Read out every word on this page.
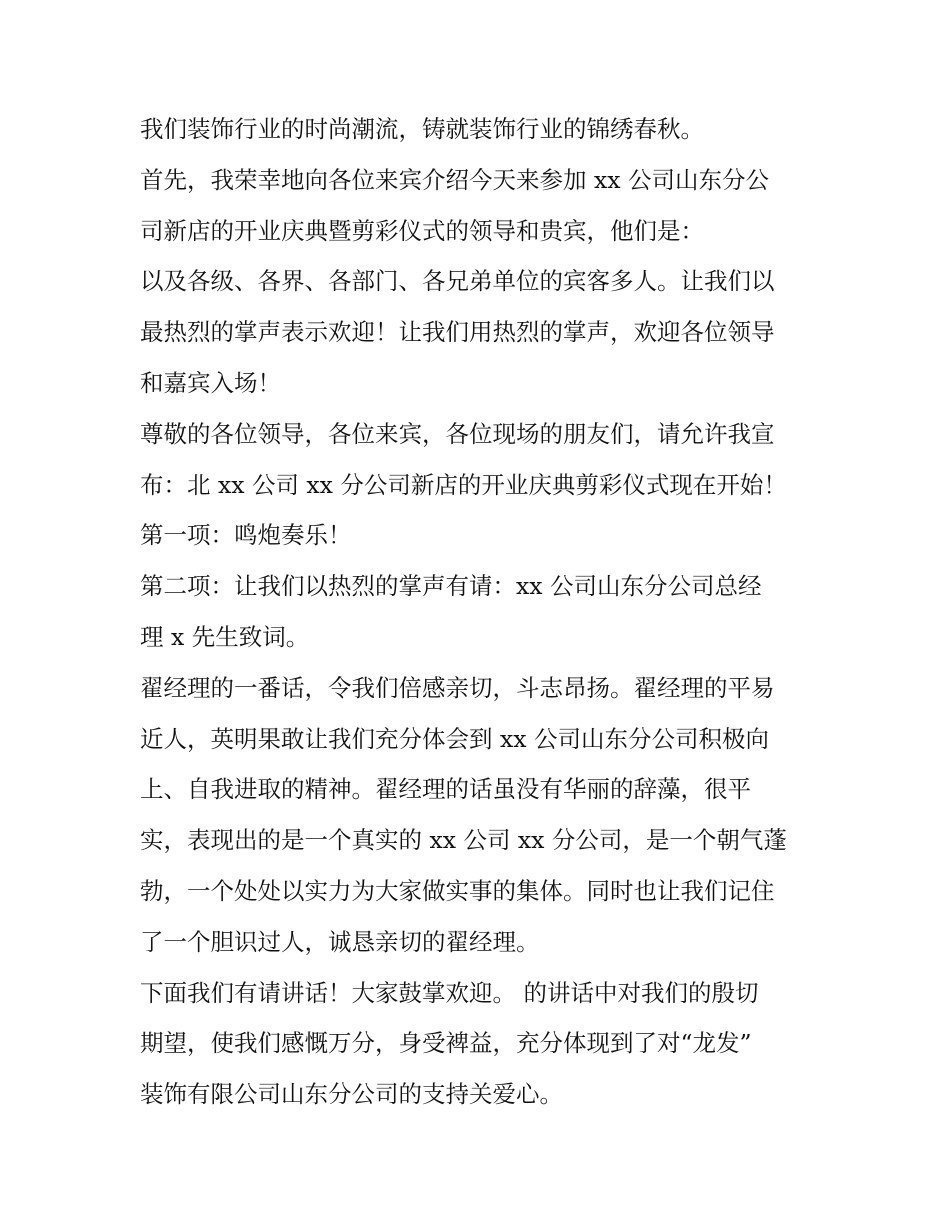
我们装饰行业的时尚潮流，铸就装饰行业的锦绣春秋。
首先，我荣幸地向各位来宾介绍今天来参加 xx 公司山东分公
司新店的开业庆典暨剪彩仪式的领导和贵宾，他们是：
以及各级、各界、各部门、各兄弟单位的宾客多人。让我们以
最热烈的掌声表示欢迎！让我们用热烈的掌声，欢迎各位领导
和嘉宾入场！
尊敬的各位领导，各位来宾，各位现场的朋友们，请允许我宣
布：北 xx 公司 xx 分公司新店的开业庆典剪彩仪式现在开始！
第一项：鸣炮奏乐！
第二项：让我们以热烈的掌声有请：xx 公司山东分公司总经
理 x 先生致词。
翟经理的一番话，令我们倍感亲切，斗志昂扬。翟经理的平易
近人，英明果敢让我们充分体会到 xx 公司山东分公司积极向
上、自我进取的精神。翟经理的话虽没有华丽的辞藻，很平
实，表现出的是一个真实的 xx 公司 xx 分公司，是一个朝气蓬
勃，一个处处以实力为大家做实事的集体。同时也让我们记住
了一个胆识过人，诚恳亲切的翟经理。
下面我们有请讲话！大家鼓掌欢迎。 的讲话中对我们的殷切
期望，使我们感慨万分，身受裨益，充分体现到了对“龙发”
装饰有限公司山东分公司的支持关爱心。
